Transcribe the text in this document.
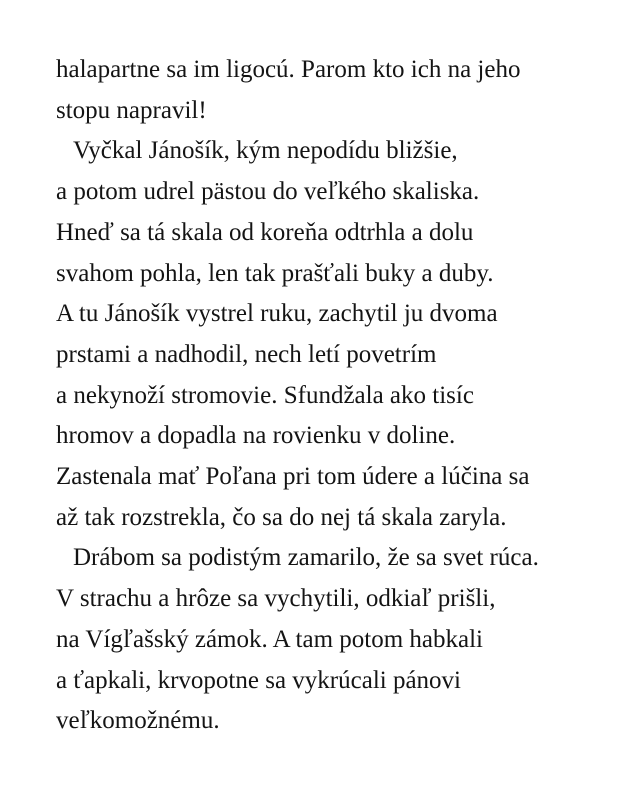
halapartne sa im ligocú. Parom kto ich na jeho
stopu napravil!
Vyčkal Jánošík, kým nepodídu bližšie,
a potom udrel pästou do veľkého skaliska.
Hneď sa tá skala od koreňa odtrhla a dolu
svahom pohla, len tak prašťali buky a duby.
A tu Jánošík vystrel ruku, zachytil ju dvoma
prstami a nadhodil, nech letí povetrím
a nekynoží stromovie. Sfundžala ako tisíc
hromov a dopadla na rovienku v doline.
Zastenala mať Poľana pri tom údere a lúčina sa
až tak rozstrekla, čo sa do nej tá skala zaryla.
Drábom sa podistým zamarilo, že sa svet rúca.
V strachu a hrôze sa vychytili, odkiaľ prišli,
na Vígľašský zámok. A tam potom habkali
a ťapkali, krvopotne sa vykrúcali pánovi
veľkomožnému.
